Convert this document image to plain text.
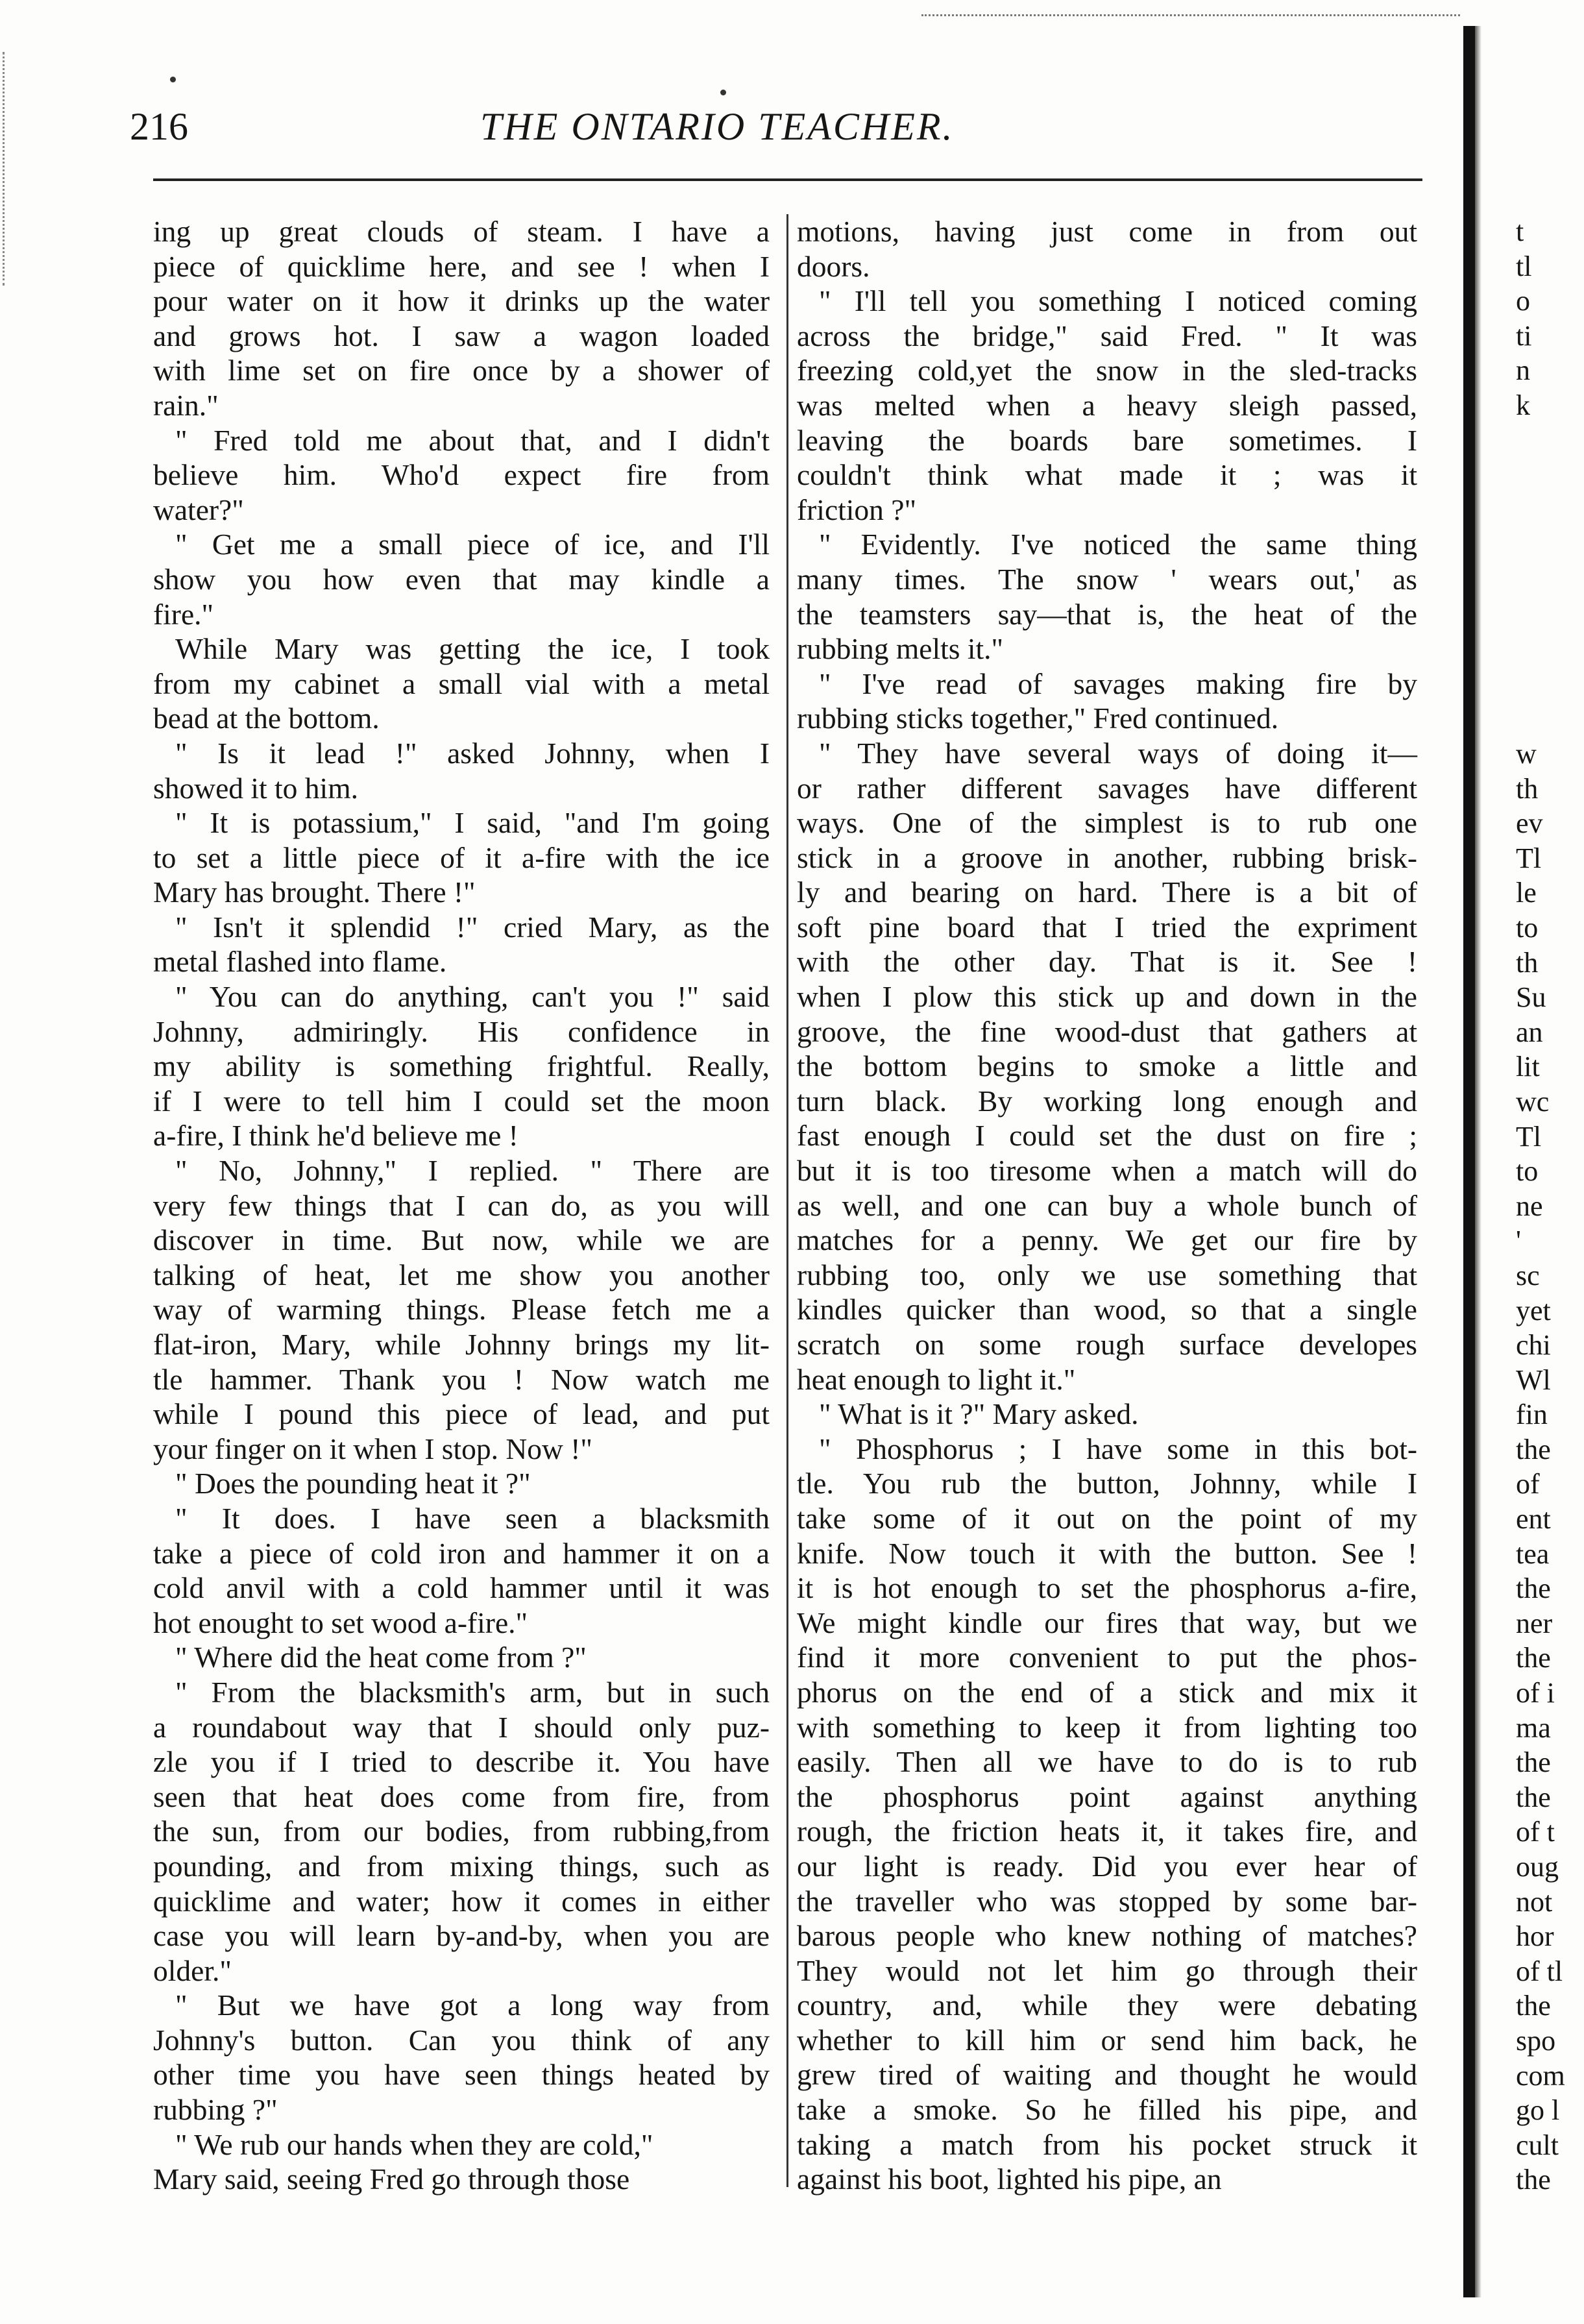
216	THE ONTARIO TEACHER.
ing up great clouds of steam. I have a
piece of quicklime here, and see ! when I
pour water on it how it drinks up the water
and grows hot. I saw a wagon loaded
with lime set on fire once by a shower of
rain."
" Fred told me about that, and I didn't
believe him. Who'd expect fire from
water?"
" Get me a small piece of ice, and I'll
show you how even that may kindle a
fire."
While Mary was getting the ice, I took
from my cabinet a small vial with a metal
bead at the bottom.
" Is it lead !" asked Johnny, when I
showed it to him.
" It is potassium," I said, "and I'm going
to set a little piece of it a-fire with the ice
Mary has brought. There !"
" Isn't it splendid !" cried Mary, as the
metal flashed into flame.
" You can do anything, can't you !" said
Johnny, admiringly. His confidence in
my ability is something frightful. Really,
if I were to tell him I could set the moon
a-fire, I think he'd believe me !
" No, Johnny," I replied. " There are
very few things that I can do, as you will
discover in time. But now, while we are
talking of heat, let me show you another
way of warming things. Please fetch me a
flat-iron, Mary, while Johnny brings my lit-
tle hammer. Thank you ! Now watch me
while I pound this piece of lead, and put
your finger on it when I stop. Now !"
" Does the pounding heat it ?"
" It does. I have seen a blacksmith
take a piece of cold iron and hammer it on a
cold anvil with a cold hammer until it was
hot enought to set wood a-fire."
" Where did the heat come from ?"
" From the blacksmith's arm, but in such
a roundabout way that I should only puz-
zle you if I tried to describe it. You have
seen that heat does come from fire, from
the sun, from our bodies, from rubbing,from
pounding, and from mixing things, such as
quicklime and water; how it comes in either
case you will learn by-and-by, when you are
older."
" But we have got a long way from
Johnny's button. Can you think of any
other time you have seen things heated by
rubbing ?"
" We rub our hands when they are cold,"
Mary said, seeing Fred go through those
motions, having just come in from out
doors.
" I'll tell you something I noticed coming
across the bridge," said Fred. " It was
freezing cold,yet the snow in the sled-tracks
was melted when a heavy sleigh passed,
leaving the boards bare sometimes. I
couldn't think what made it ; was it
friction ?"
" Evidently. I've noticed the same thing
many times. The snow ' wears out,' as
the teamsters say—that is, the heat of the
rubbing melts it."
" I've read of savages making fire by
rubbing sticks together," Fred continued.
" They have several ways of doing it—
or rather different savages have different
ways. One of the simplest is to rub one
stick in a groove in another, rubbing brisk-
ly and bearing on hard. There is a bit of
soft pine board that I tried the expriment
with the other day. That is it. See !
when I plow this stick up and down in the
groove, the fine wood-dust that gathers at
the bottom begins to smoke a little and
turn black. By working long enough and
fast enough I could set the dust on fire ;
but it is too tiresome when a match will do
as well, and one can buy a whole bunch of
matches for a penny. We get our fire by
rubbing too, only we use something that
kindles quicker than wood, so that a single
scratch on some rough surface developes
heat enough to light it."
" What is it ?" Mary asked.
" Phosphorus ; I have some in this bot-
tle. You rub the button, Johnny, while I
take some of it out on the point of my
knife. Now touch it with the button. See !
it is hot enough to set the phosphorus a-fire,
We might kindle our fires that way, but we
find it more convenient to put the phos-
phorus on the end of a stick and mix it
with something to keep it from lighting too
easily. Then all we have to do is to rub
the phosphorus point against anything
rough, the friction heats it, it takes fire, and
our light is ready. Did you ever hear of
the traveller who was stopped by some bar-
barous people who knew nothing of matches?
They would not let him go through their
country, and, while they were debating
whether to kill him or send him back, he
grew tired of waiting and thought he would
take a smoke. So he filled his pipe, and
taking a match from his pocket struck it
against his boot, lighted his pipe, an
t
tl
o
ti
n
k
w
th
ev
Tl
le
to
th
Su
an
lit
wc
Tl
to
ne
'
sc
yet
chi
Wl
fin
the
of
ent
tea
the
ner
the
of i
ma
the
the
of t
oug
not
hor
of tl
the
spo
com
go l
cult
the
